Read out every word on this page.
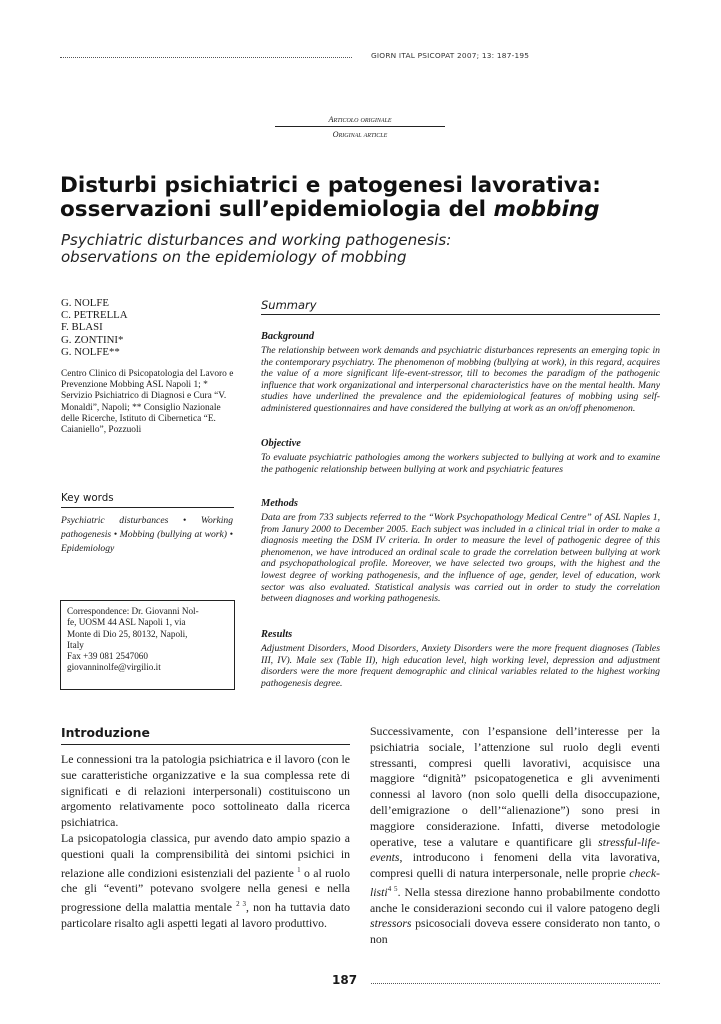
GIORN ITAL PSICOPAT 2007; 13: 187-195
Articolo originale
Original article
Disturbi psichiatrici e patogenesi lavorativa:
osservazioni sull’epidemiologia del mobbing
Psychiatric disturbances and working pathogenesis:
observations on the epidemiology of mobbing
G. NOLFE
C. PETRELLA
F. BLASI
G. ZONTINI*
G. NOLFE**
Centro Clinico di Psicopatologia del Lavoro e Prevenzione Mobbing ASL Napoli 1; * Servizio Psichiatrico di Diagnosi e Cura “V. Monaldi”, Napoli; ** Consiglio Nazionale delle Ricerche, Istituto di Cibernetica “E. Caianiello”, Pozzuoli
Key words
Psychiatric disturbances • Working pathogenesis • Mobbing (bullying at work) • Epidemiology
Correspondence: Dr. Giovanni Nol-
fe, UOSM 44 ASL Napoli 1, via
Monte di Dio 25, 80132, Napoli,
Italy
Fax +39 081 2547060
giovanninolfe@virgilio.it
Summary
Background
The relationship between work demands and psychiatric disturbances represents an emerging topic in the contemporary psychiatry. The phenomenon of mobbing (bullying at work), in this regard, acquires the value of a more significant life-event-stressor, till to becomes the paradigm of the pathogenic influence that work organizational and interpersonal characteristics have on the mental health. Many studies have underlined the prevalence and the epidemiological features of mobbing using self-administered questionnaires and have considered the bullying at work as an on/off phenomenon.
Objective
To evaluate psychiatric pathologies among the workers subjected to bullying at work and to examine the pathogenic relationship between bullying at work and psychiatric features
Methods
Data are from 733 subjects referred to the “Work Psychopathology Medical Centre” of ASL Naples 1, from Janury 2000 to December 2005. Each subject was included in a clinical trial in order to make a diagnosis meeting the DSM IV criteria. In order to measure the level of pathogenic degree of this phenomenon, we have introduced an ordinal scale to grade the correlation between bullying at work and psychopathological profile. Moreover, we have selected two groups, with the highest and the lowest degree of working pathogenesis, and the influence of age, gender, level of education, work sector was also evaluated. Statistical analysis was carried out in order to study the correlation between diagnoses and working pathogenesis.
Results
Adjustment Disorders, Mood Disorders, Anxiety Disorders were the more frequent diagnoses (Tables III, IV). Male sex (Table II), high education level, high working level, depression and adjustment disorders were the more frequent demographic and clinical variables related to the highest working pathogenesis degree.
Introduzione
Le connessioni tra la patologia psichiatrica e il lavoro (con le sue caratteristiche organizzative e la sua complessa rete di significati e di relazioni interpersonali) costituiscono un argomento relativamente poco sottolineato dalla ricerca psichiatrica.
La psicopatologia classica, pur avendo dato ampio spazio a questioni quali la comprensibilità dei sintomi psichici in relazione alle condizioni esistenziali del paziente $^1$ o al ruolo che gli “eventi” potevano svolgere nella genesi e nella progressione della malattia mentale $^{2 3}$, non ha tuttavia dato particolare risalto agli aspetti legati al lavoro produttivo.
Successivamente, con l’espansione dell’interesse per la psichiatria sociale, l’attenzione sul ruolo degli eventi stressanti, compresi quelli lavorativi, acquisisce una maggiore “dignità” psicopatogenetica e gli avvenimenti connessi al lavoro (non solo quelli della disoccupazione, dell’emigrazione o dell’“alienazione”) sono presi in maggiore considerazione. Infatti, diverse metodologie operative, tese a valutare e quantificare gli stressful-life-events, introducono i fenomeni della vita lavorativa, compresi quelli di natura interpersonale, nelle proprie check-listi$^{4 5}$. Nella stessa direzione hanno probabilmente condotto anche le considerazioni secondo cui il valore patogeno degli stressors psicosociali doveva essere considerato non tanto, o non
187
